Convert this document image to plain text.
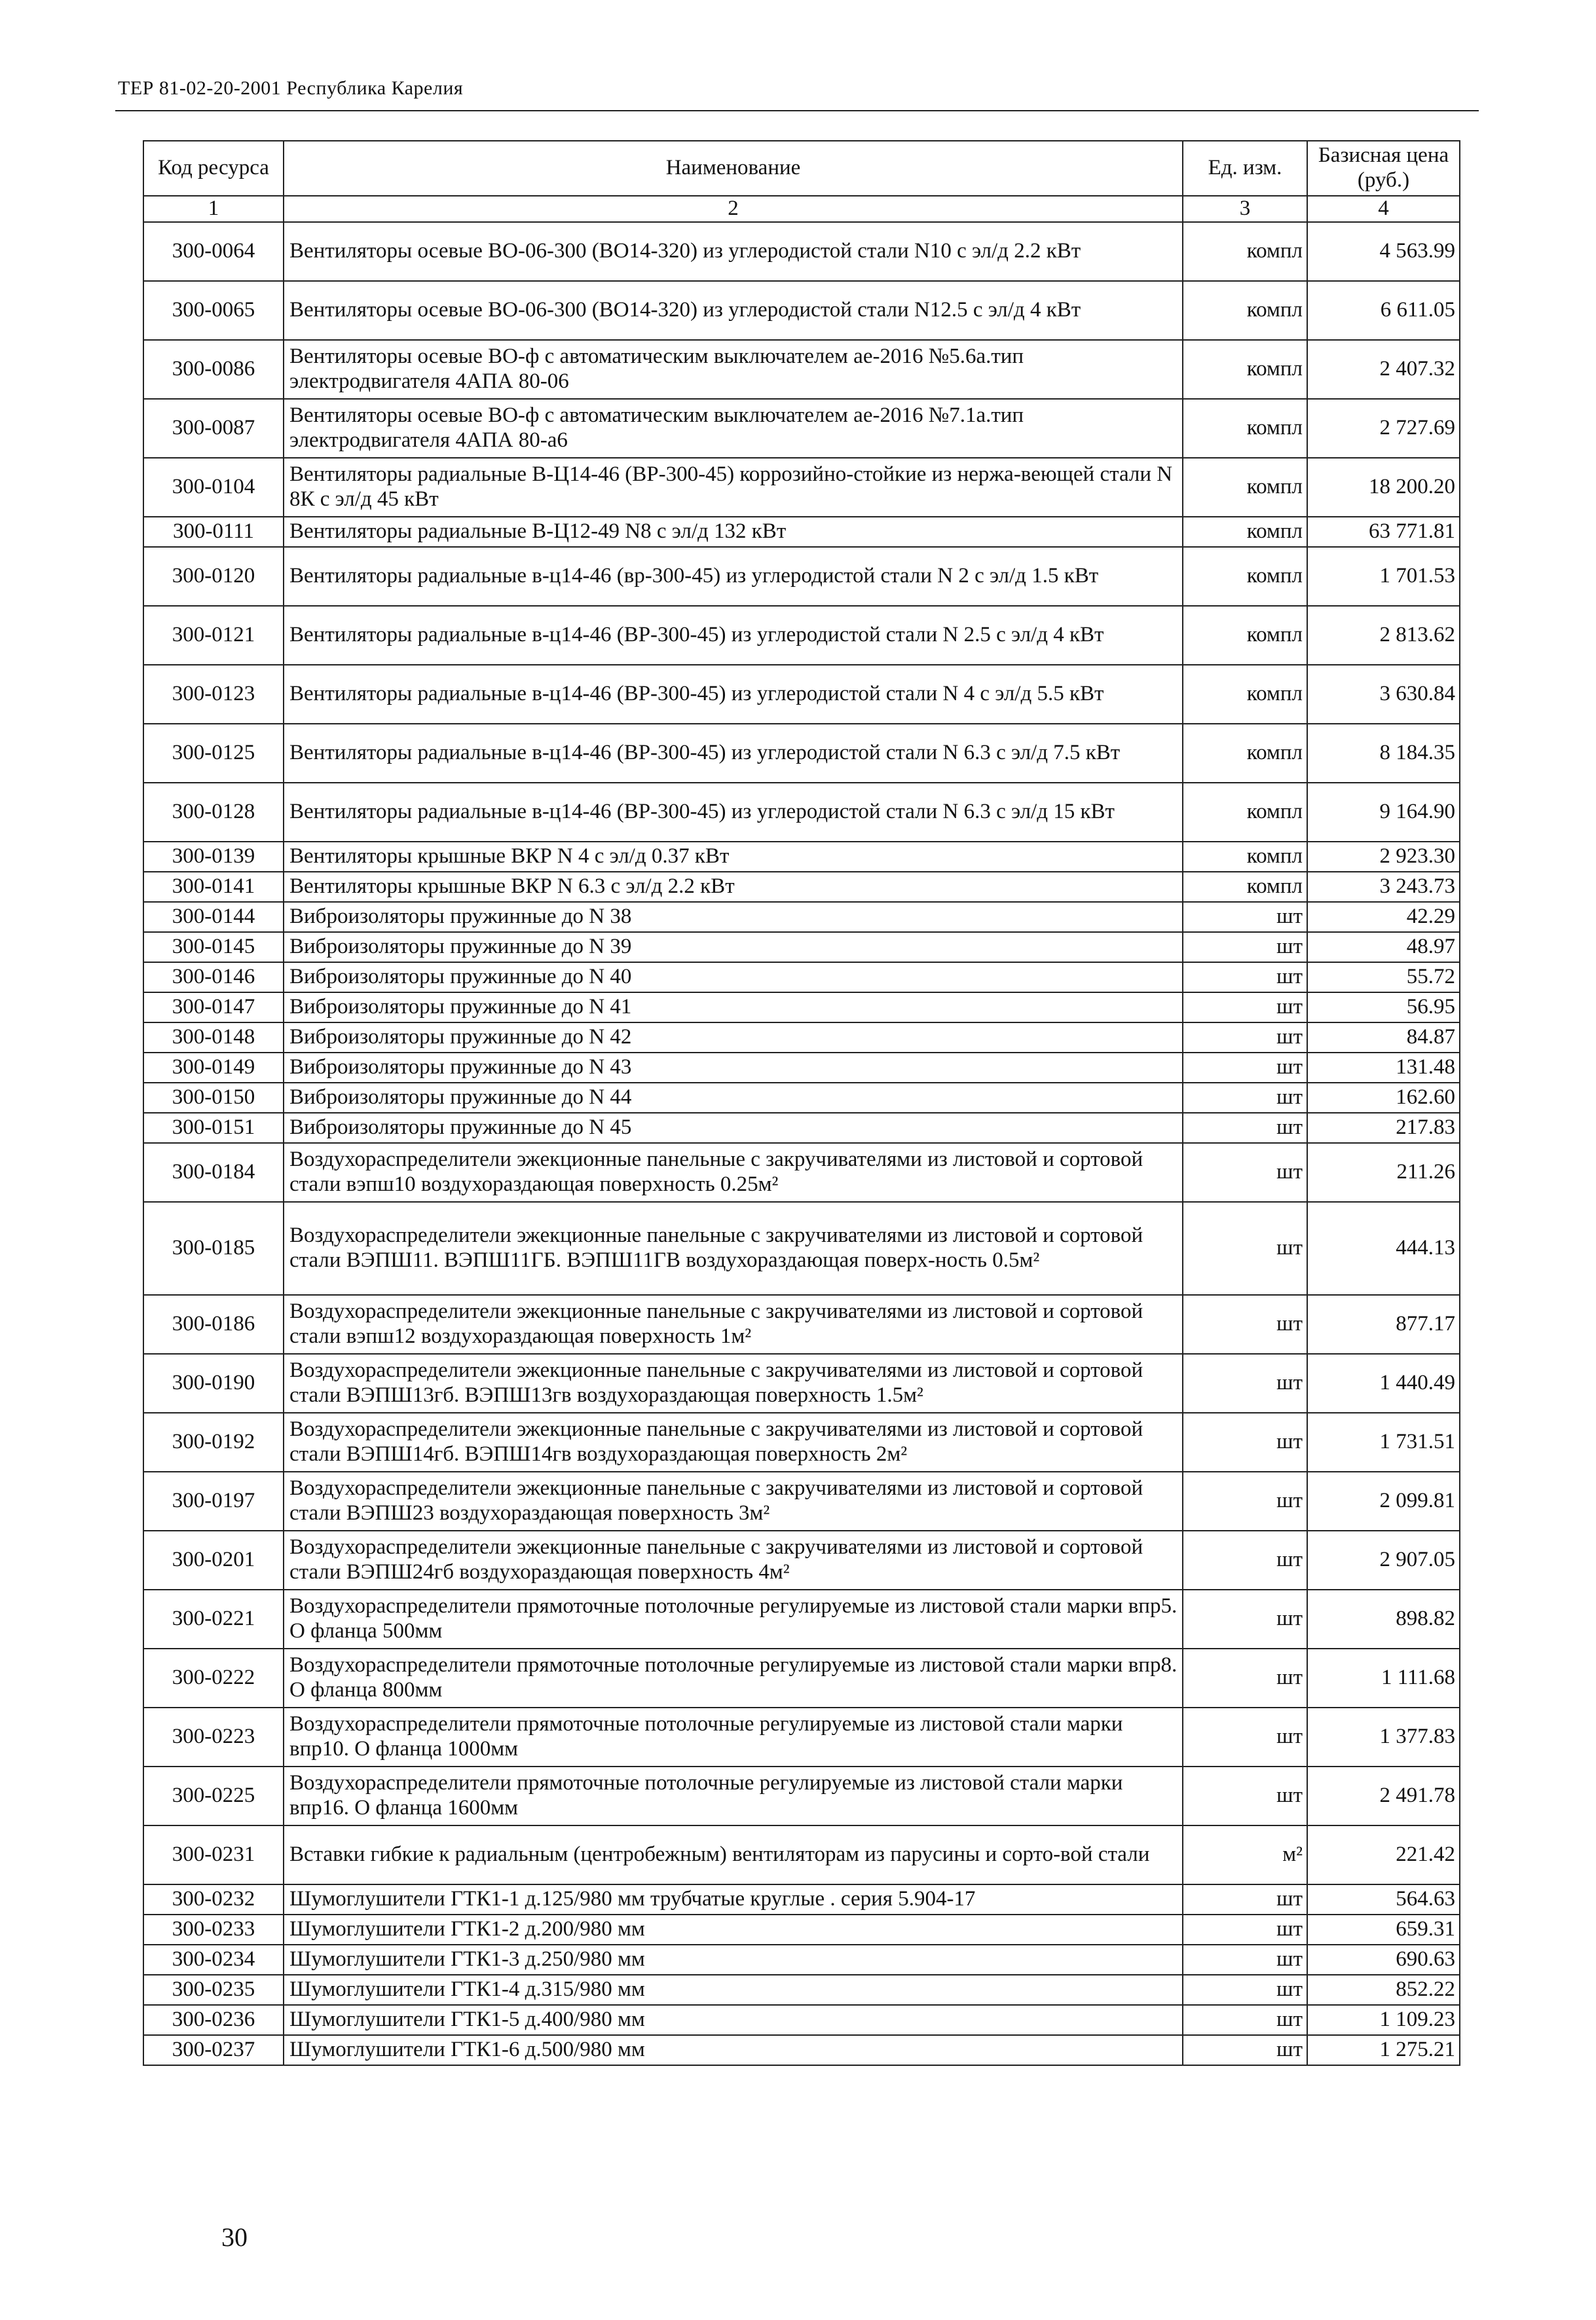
ТЕР 81-02-20-2001 Республика Карелия
Код ресурса	Наименование	Ед. изм.	Базисная цена (руб.)
1	2	3	4
300-0064	Вентиляторы осевые ВО-06-300 (ВО14-320) из углеродистой стали N10 с эл/д 2.2 кВт	компл	4 563.99
300-0065	Вентиляторы осевые ВО-06-300 (ВО14-320) из углеродистой стали N12.5 с эл/д 4 кВт	компл	6 611.05
300-0086	Вентиляторы осевые ВО-ф с автоматическим выключателем ае-2016 №5.6а.тип электродвигателя 4АПА 80-06	компл	2 407.32
300-0087	Вентиляторы осевые ВО-ф с автоматическим выключателем ае-2016 №7.1а.тип электродвигателя 4АПА 80-а6	компл	2 727.69
300-0104	Вентиляторы радиальные В-Ц14-46 (ВР-300-45) коррозийно-стойкие из нержа-веющей стали N 8К с эл/д 45 кВт	компл	18 200.20
300-0111	Вентиляторы радиальные В-Ц12-49 N8 с эл/д 132 кВт	компл	63 771.81
300-0120	Вентиляторы радиальные в-ц14-46 (вр-300-45) из углеродистой стали N 2 с эл/д 1.5 кВт	компл	1 701.53
300-0121	Вентиляторы радиальные в-ц14-46 (ВР-300-45) из углеродистой стали N 2.5 с эл/д 4 кВт	компл	2 813.62
300-0123	Вентиляторы радиальные в-ц14-46 (ВР-300-45) из углеродистой стали N 4 с эл/д 5.5 кВт	компл	3 630.84
300-0125	Вентиляторы радиальные в-ц14-46 (ВР-300-45) из углеродистой стали N 6.3 с эл/д 7.5 кВт	компл	8 184.35
300-0128	Вентиляторы радиальные в-ц14-46 (ВР-300-45) из углеродистой стали N 6.3 с эл/д 15 кВт	компл	9 164.90
300-0139	Вентиляторы крышные ВКР N 4 с эл/д 0.37 кВт	компл	2 923.30
300-0141	Вентиляторы крышные ВКР N 6.3 с эл/д 2.2 кВт	компл	3 243.73
300-0144	Виброизоляторы пружинные до N 38	шт	42.29
300-0145	Виброизоляторы пружинные до N 39	шт	48.97
300-0146	Виброизоляторы пружинные до N 40	шт	55.72
300-0147	Виброизоляторы пружинные до N 41	шт	56.95
300-0148	Виброизоляторы пружинные до N 42	шт	84.87
300-0149	Виброизоляторы пружинные до N 43	шт	131.48
300-0150	Виброизоляторы пружинные до N 44	шт	162.60
300-0151	Виброизоляторы пружинные до N 45	шт	217.83
300-0184	Воздухораспределители эжекционные панельные с закручивателями из листовой и сортовой стали вэпш10 воздухораздающая поверхность 0.25м²	шт	211.26
300-0185	Воздухораспределители эжекционные панельные с закручивателями из листовой и сортовой стали ВЭПШ11. ВЭПШ11ГБ. ВЭПШ11ГВ воздухораздающая поверх-ность 0.5м²	шт	444.13
300-0186	Воздухораспределители эжекционные панельные с закручивателями из листовой и сортовой стали вэпш12 воздухораздающая поверхность 1м²	шт	877.17
300-0190	Воздухораспределители эжекционные панельные с закручивателями из листовой и сортовой стали ВЭПШ13гб. ВЭПШ13гв воздухораздающая поверхность 1.5м²	шт	1 440.49
300-0192	Воздухораспределители эжекционные панельные с закручивателями из листовой и сортовой стали ВЭПШ14гб. ВЭПШ14гв воздухораздающая поверхность 2м²	шт	1 731.51
300-0197	Воздухораспределители эжекционные панельные с закручивателями из листовой и сортовой стали ВЭПШ23 воздухораздающая поверхность 3м²	шт	2 099.81
300-0201	Воздухораспределители эжекционные панельные с закручивателями из листовой и сортовой стали ВЭПШ24гб воздухораздающая поверхность 4м²	шт	2 907.05
300-0221	Воздухораспределители прямоточные потолочные регулируемые из листовой стали марки впр5. О фланца 500мм	шт	898.82
300-0222	Воздухораспределители прямоточные потолочные регулируемые из листовой стали марки впр8. О фланца 800мм	шт	1 111.68
300-0223	Воздухораспределители прямоточные потолочные регулируемые из листовой стали марки впр10. О фланца 1000мм	шт	1 377.83
300-0225	Воздухораспределители прямоточные потолочные регулируемые из листовой стали марки впр16. О фланца 1600мм	шт	2 491.78
300-0231	Вставки гибкие к радиальным (центробежным) вентиляторам из парусины и сорто-вой стали	м²	221.42
300-0232	Шумоглушители ГТК1-1 д.125/980 мм трубчатые круглые . серия 5.904-17	шт	564.63
300-0233	Шумоглушители ГТК1-2 д.200/980 мм	шт	659.31
300-0234	Шумоглушители ГТК1-3 д.250/980 мм	шт	690.63
300-0235	Шумоглушители ГТК1-4 д.315/980 мм	шт	852.22
300-0236	Шумоглушители ГТК1-5 д.400/980 мм	шт	1 109.23
300-0237	Шумоглушители ГТК1-6 д.500/980 мм	шт	1 275.21
30
